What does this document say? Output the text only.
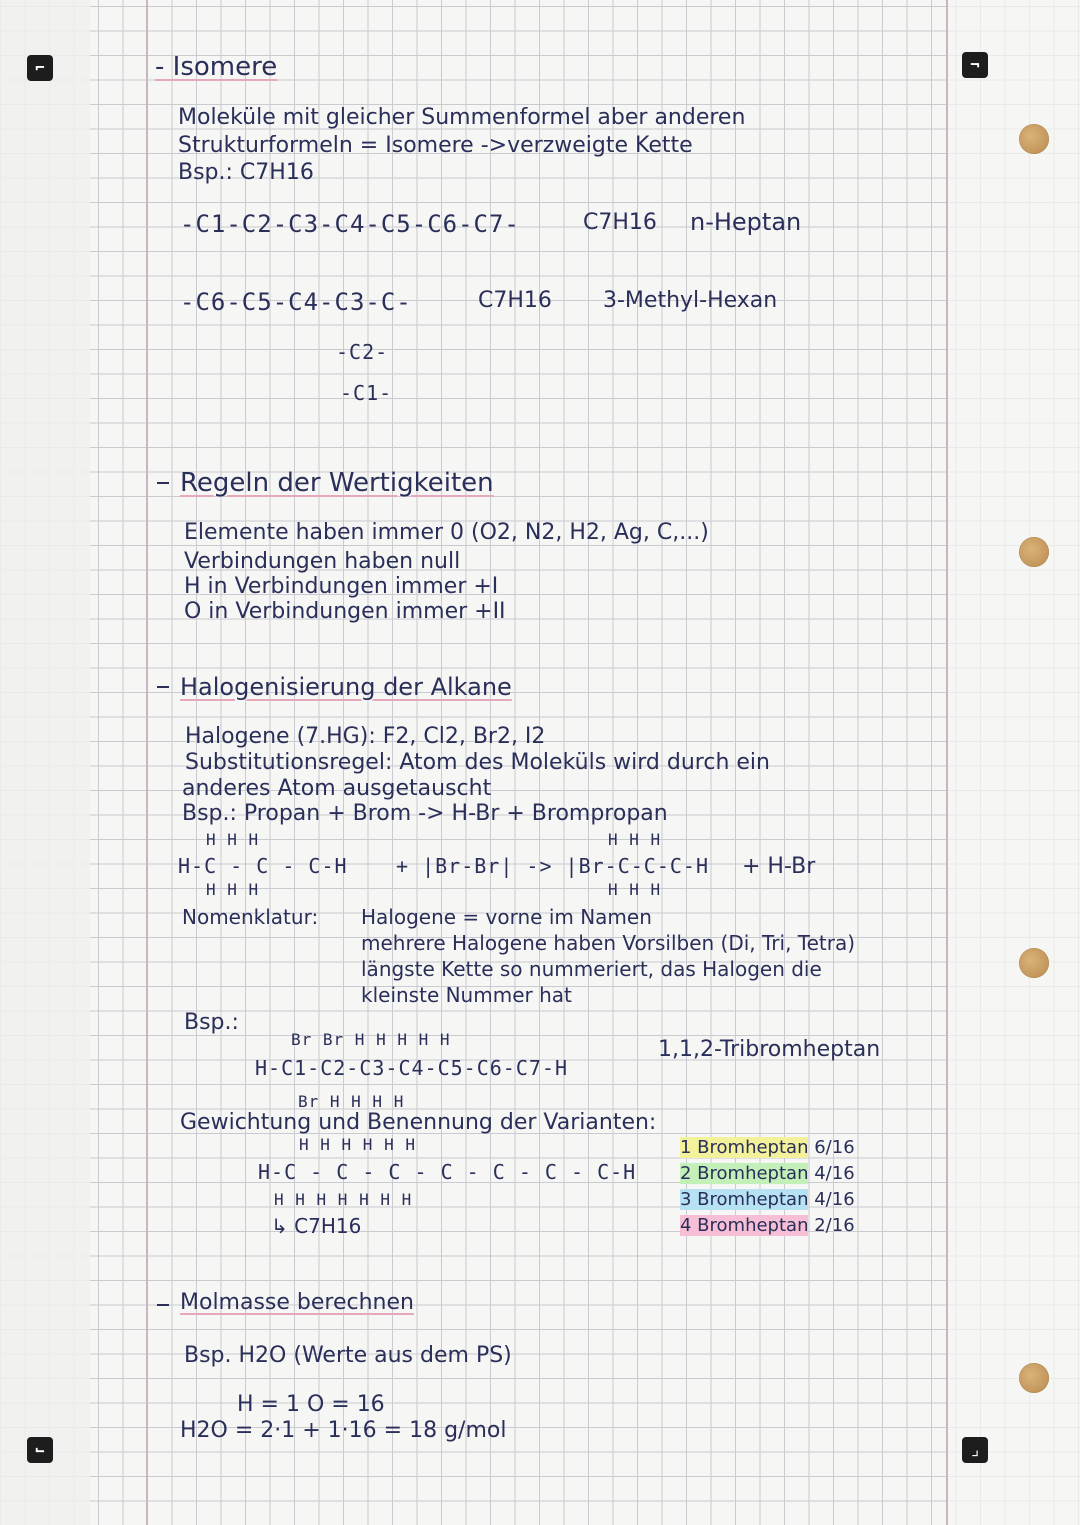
⌐
⌙
¬
⌟
- Isomere
Moleküle mit gleicher Summenformel aber anderen
Strukturformeln = Isomere ->verzweigte Kette
Bsp.: C7H16
-C1-C2-C3-C4-C5-C6-C7-	C7H16 n-Heptan
-C6-C5-C4-C3-C-	C7H16 3-Methyl-Hexan
-C2-
-C1-
Regeln der Wertigkeiten
Elemente haben immer 0 (O2, N2, H2, Ag, C,...)
Verbindungen haben null
H in Verbindungen immer +I
O in Verbindungen immer +II
Halogenisierung der Alkane
Halogene (7.HG): F2, Cl2, Br2, I2
Substitutionsregel: Atom des Moleküls wird durch ein
anderes Atom ausgetauscht
Bsp.: Propan + Brom -> H-Br + Brompropan
H H H
H-C - C - C-H + |Br-Br| -> |Br-C-C-C-H
H H H
+ H-Br
H H H	H H H
Nomenklatur: Halogene = vorne im Namen
mehrere Halogene haben Vorsilben (Di, Tri, Tetra)
längste Kette so nummeriert, das Halogen die
kleinste Nummer hat
Bsp.:
Br Br H H H H H
H-C1-C2-C3-C4-C5-C6-C7-H
Br H H H H
1,1,2-Tribromheptan
Gewichtung und Benennung der Varianten:
H H H H H H
H-C - C - C - C - C - C - C-H
H H H H H H H
↳ C7H16
1 Bromheptan 6/16
2 Bromheptan 4/16
3 Bromheptan 4/16
4 Bromheptan 2/16
Molmasse berechnen
Bsp. H2O (Werte aus dem PS)
H = 1 O = 16
H2O = 2·1 + 1·16 = 18 g/mol
